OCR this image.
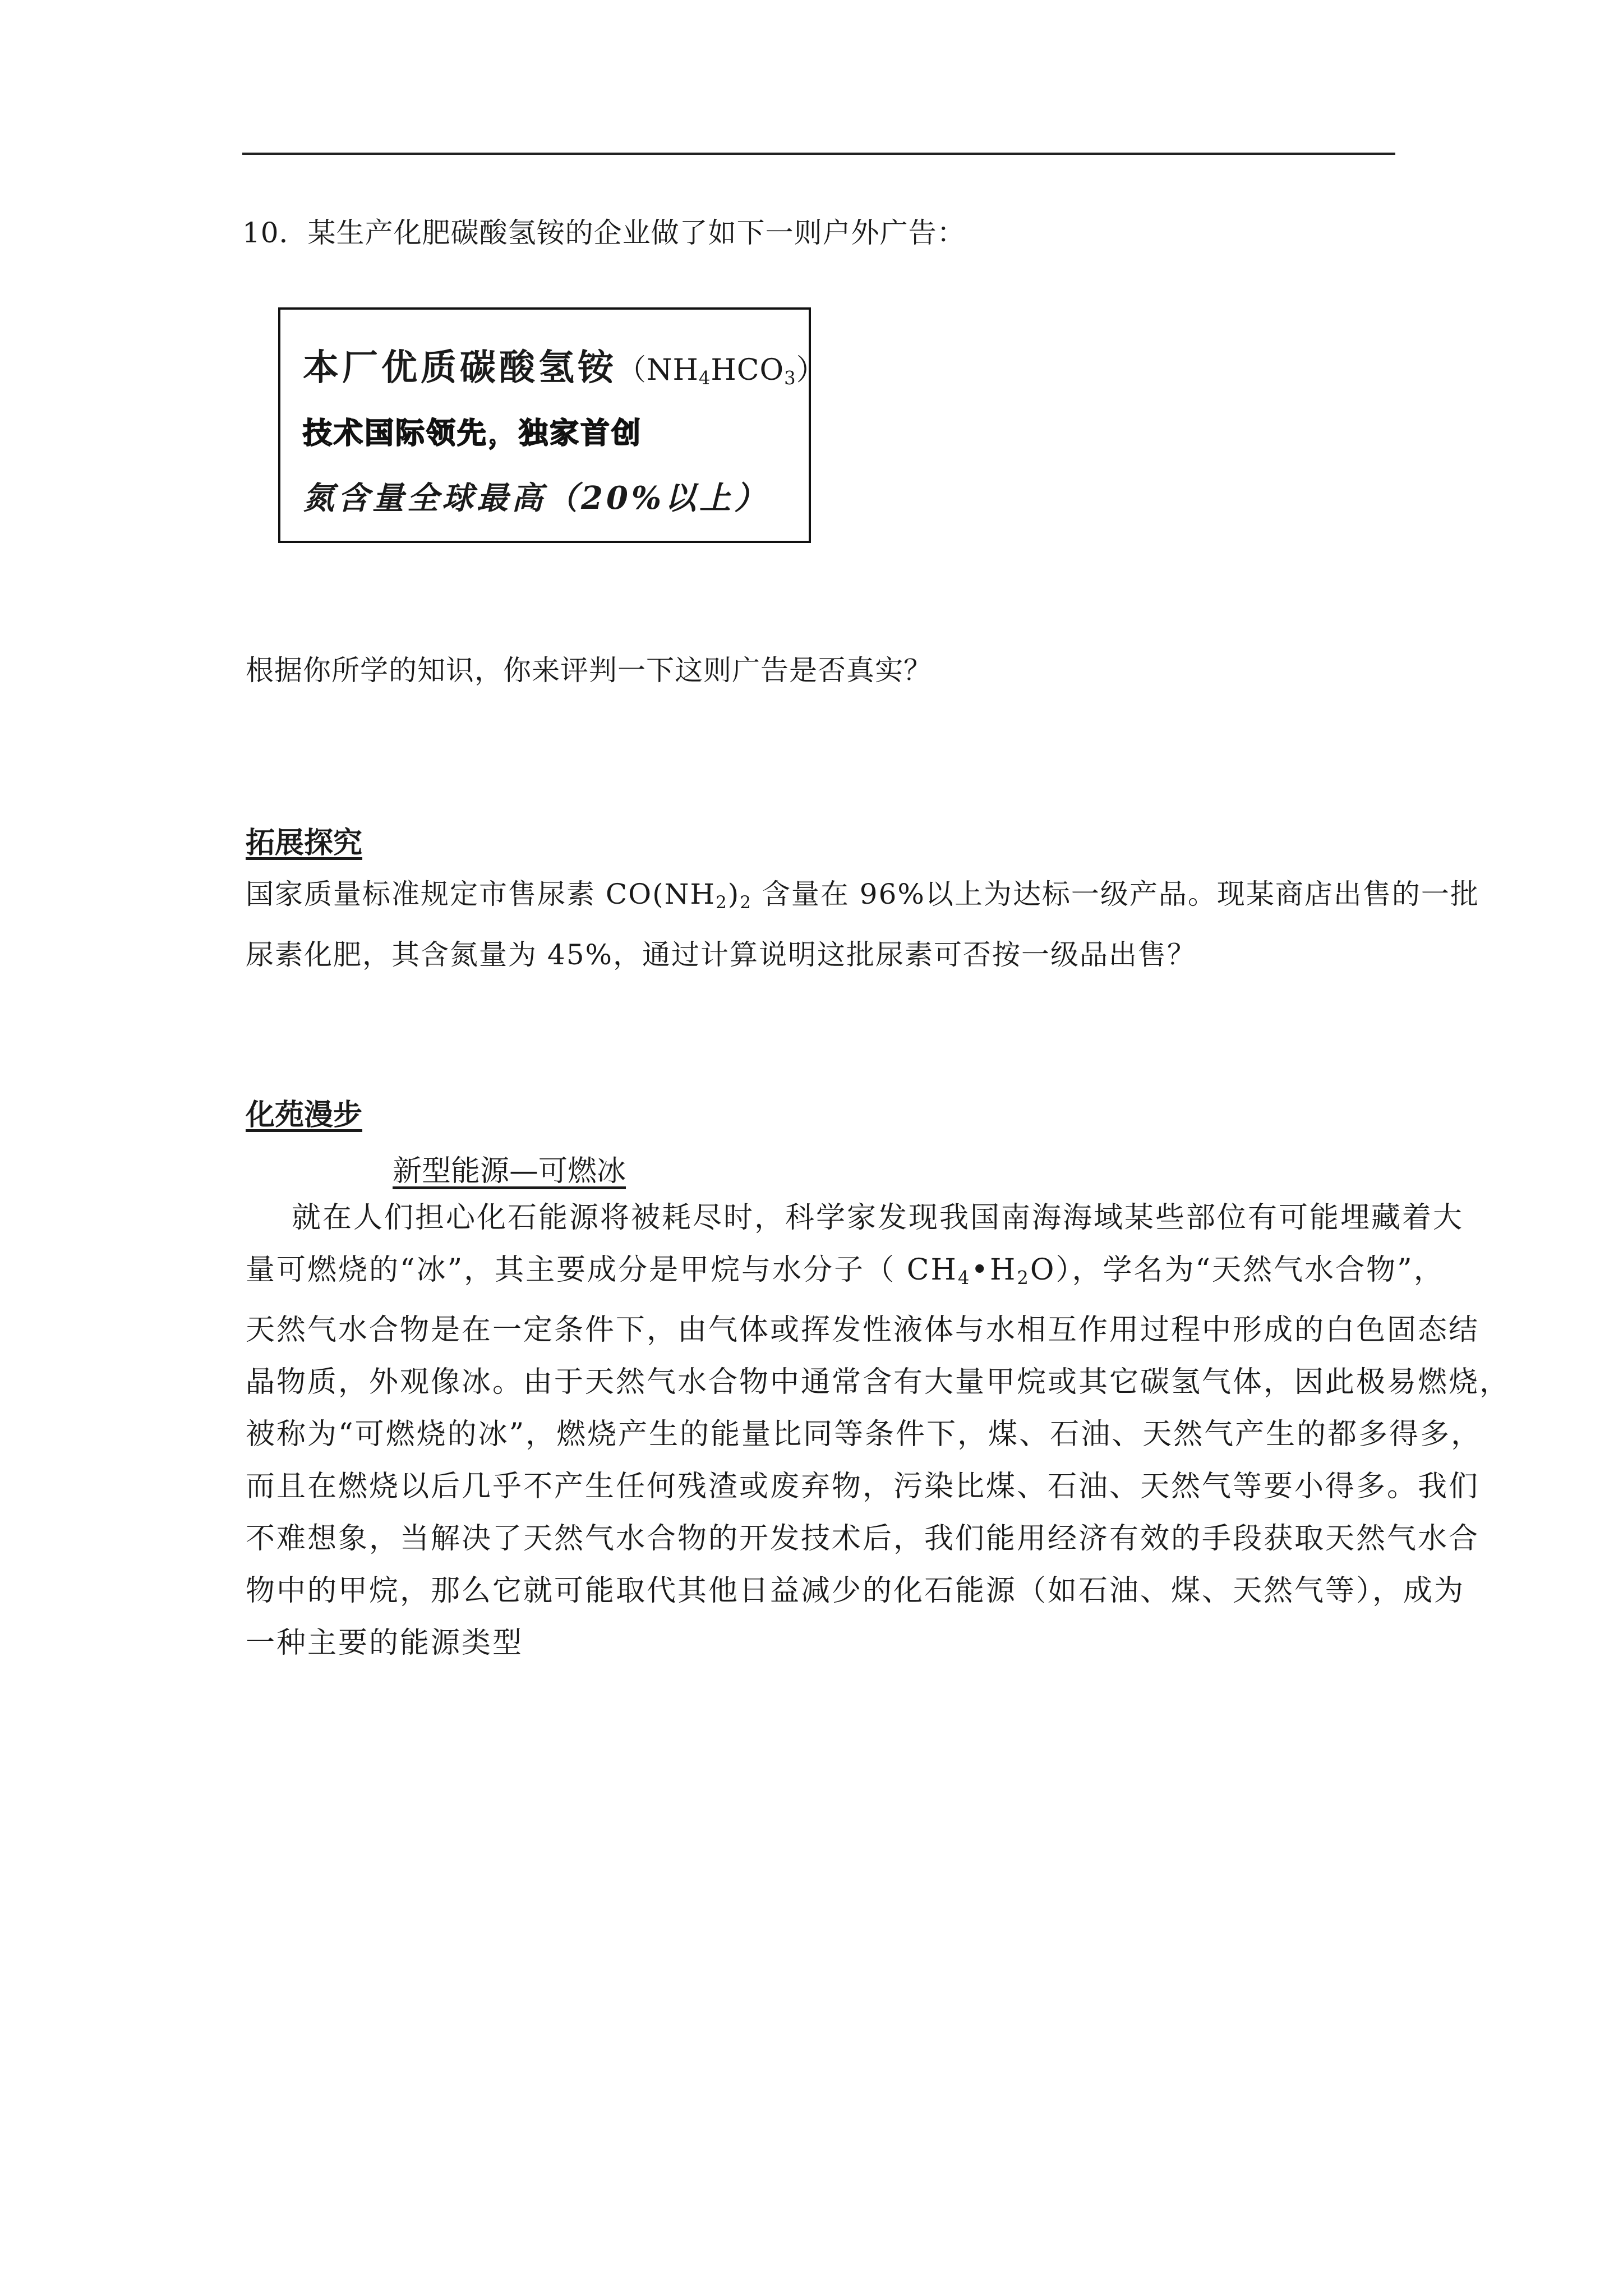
10．某生产化肥碳酸氢铵的企业做了如下一则户外广告：
本厂优质碳酸氢铵$(NH_4HCO_3)$
技术国际领先，独家首创
氮含量全球最高（20%以上）
根据你所学的知识，你来评判一下这则广告是否真实？
拓展探究

国家质量标准规定市售尿素 $CO(NH_2)_2$ 含量在 96%以上为达标一级产品。现某商店出售的一批

尿素化肥，其含氮量为 45%，通过计算说明这批尿素可否按一级品出售？

化苑漫步
新型能源—可燃冰

就在人们担心化石能源将被耗尽时，科学家发现我国南海海域某些部位有可能埋藏着大

量可燃烧的“冰”，其主要成分是甲烷与水分子（ $CH_4•H_2O$），学名为“天然气水合物”，

天然气水合物是在一定条件下，由气体或挥发性液体与水相互作用过程中形成的白色固态结

晶物质，外观像冰。由于天然气水合物中通常含有大量甲烷或其它碳氢气体，因此极易燃烧，

被称为“可燃烧的冰”，燃烧产生的能量比同等条件下，煤、石油、天然气产生的都多得多，

而且在燃烧以后几乎不产生任何残渣或废弃物，污染比煤、石油、天然气等要小得多。我们

不难想象，当解决了天然气水合物的开发技术后，我们能用经济有效的手段获取天然气水合

物中的甲烷，那么它就可能取代其他日益减少的化石能源（如石油、煤、天然气等），成为

一种主要的能源类型
